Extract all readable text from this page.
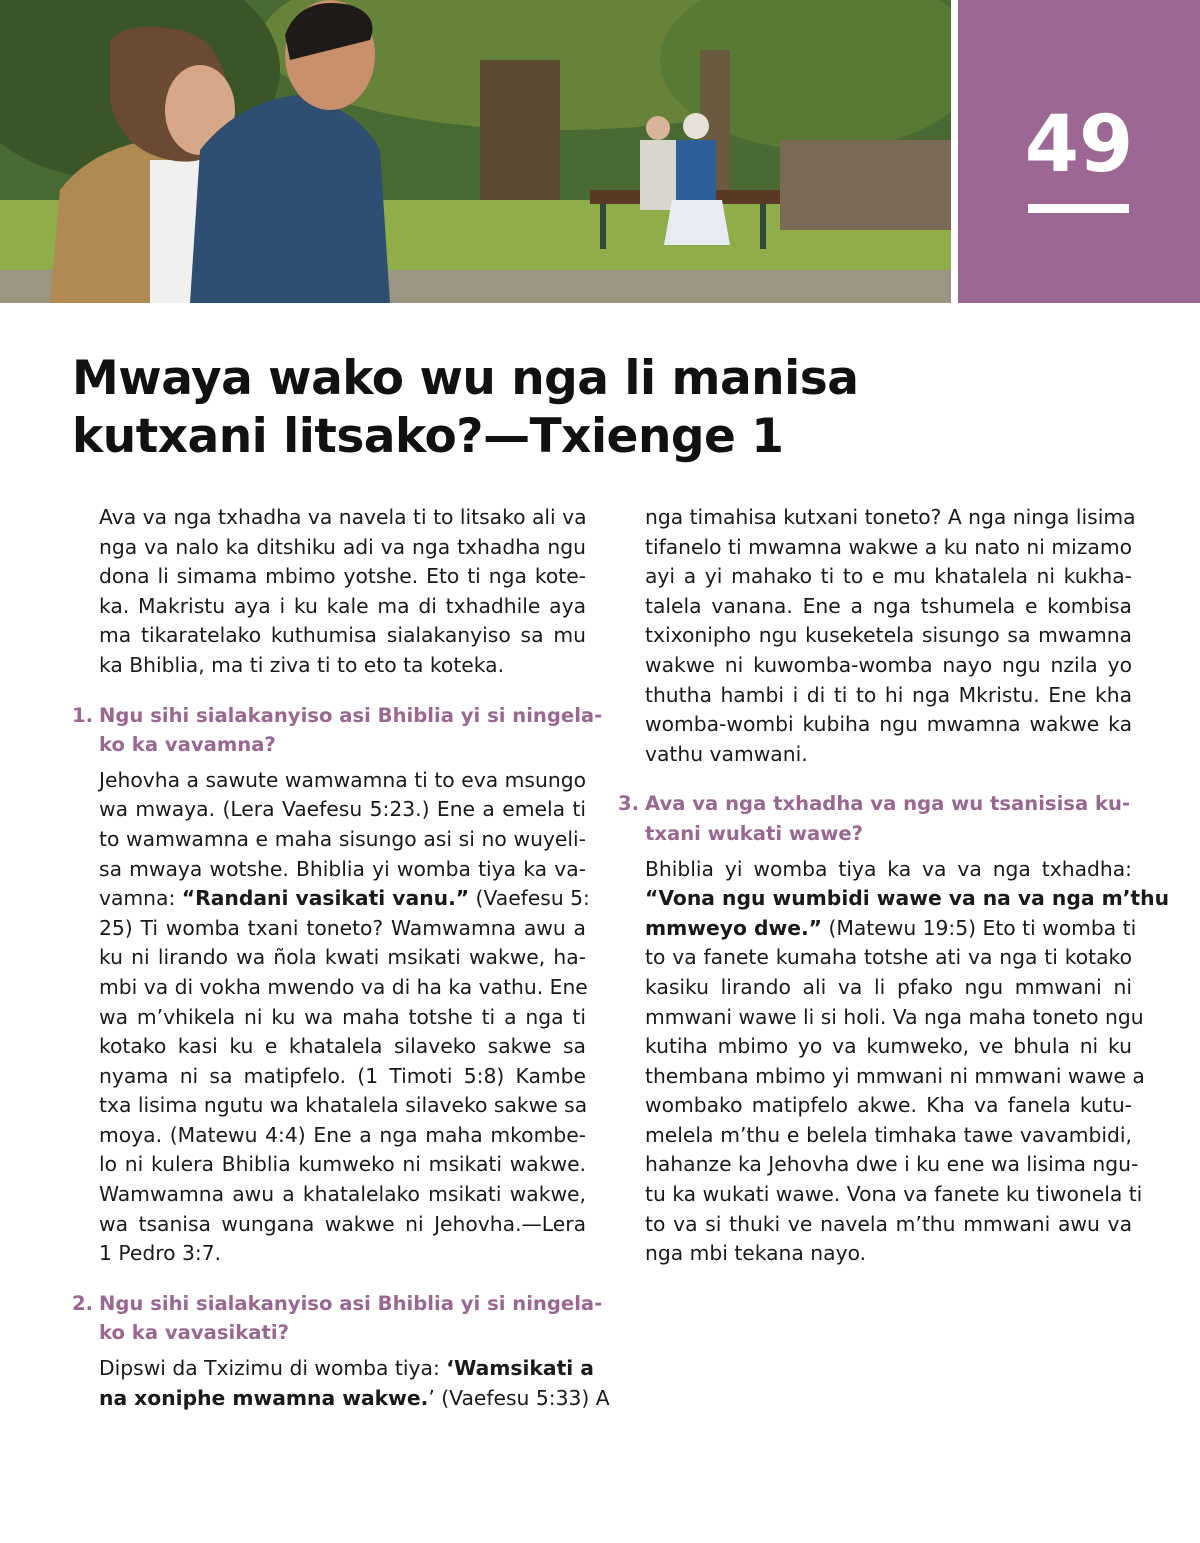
49
Mwaya wako wu nga li manisa
kutxani litsako?—Txienge 1
Ava va nga txhadha va navela ti to litsako ali va
nga va nalo ka ditshiku adi va nga txhadha ngu
dona li simama mbimo yotshe. Eto ti nga kote-
ka. Makristu aya i ku kale ma di txhadhile aya
ma tikaratelako kuthumisa sialakanyiso sa mu
ka Bhiblia, ma ti ziva ti to eto ta koteka.
1. Ngu sihi sialakanyiso asi Bhiblia yi si ningela-
ko ka vavamna?
Jehovha a sawute wamwamna ti to eva msungo
wa mwaya. (Lera Vaefesu 5:23.) Ene a emela ti
to wamwamna e maha sisungo asi si no wuyeli-
sa mwaya wotshe. Bhiblia yi womba tiya ka va-
vamna: “Randani vasikati vanu.” (Vaefesu 5:
25) Ti womba txani toneto? Wamwamna awu a
ku ni lirando wa ñola kwati msikati wakwe, ha-
mbi va di vokha mwendo va di ha ka vathu. Ene
wa m’vhikela ni ku wa maha totshe ti a nga ti
kotako kasi ku e khatalela silaveko sakwe sa
nyama ni sa matipfelo. (1 Timoti 5:8) Kambe
txa lisima ngutu wa khatalela silaveko sakwe sa
moya. (Matewu 4:4) Ene a nga maha mkombe-
lo ni kulera Bhiblia kumweko ni msikati wakwe.
Wamwamna awu a khatalelako msikati wakwe,
wa tsanisa wungana wakwe ni Jehovha.—Lera
1 Pedro 3:7.
2. Ngu sihi sialakanyiso asi Bhiblia yi si ningela-
ko ka vavasikati?
Dipswi da Txizimu di womba tiya: ‘Wamsikati a
na xoniphe mwamna wakwe.’ (Vaefesu 5:33) A
nga timahisa kutxani toneto? A nga ninga lisima
tifanelo ti mwamna wakwe a ku nato ni mizamo
ayi a yi mahako ti to e mu khatalela ni kukha-
talela vanana. Ene a nga tshumela e kombisa
txixonipho ngu kuseketela sisungo sa mwamna
wakwe ni kuwomba-womba nayo ngu nzila yo
thutha hambi i di ti to hi nga Mkristu. Ene kha
womba-wombi kubiha ngu mwamna wakwe ka
vathu vamwani.
3. Ava va nga txhadha va nga wu tsanisisa ku-
txani wukati wawe?
Bhiblia yi womba tiya ka va va nga txhadha:
“Vona ngu wumbidi wawe va na va nga m’thu
mmweyo dwe.” (Matewu 19:5) Eto ti womba ti
to va fanete kumaha totshe ati va nga ti kotako
kasiku lirando ali va li pfako ngu mmwani ni
mmwani wawe li si holi. Va nga maha toneto ngu
kutiha mbimo yo va kumweko, ve bhula ni ku
thembana mbimo yi mmwani ni mmwani wawe a
wombako matipfelo akwe. Kha va fanela kutu-
melela m’thu e belela timhaka tawe vavambidi,
hahanze ka Jehovha dwe i ku ene wa lisima ngu-
tu ka wukati wawe. Vona va fanete ku tiwonela ti
to va si thuki ve navela m’thu mmwani awu va
nga mbi tekana nayo.
